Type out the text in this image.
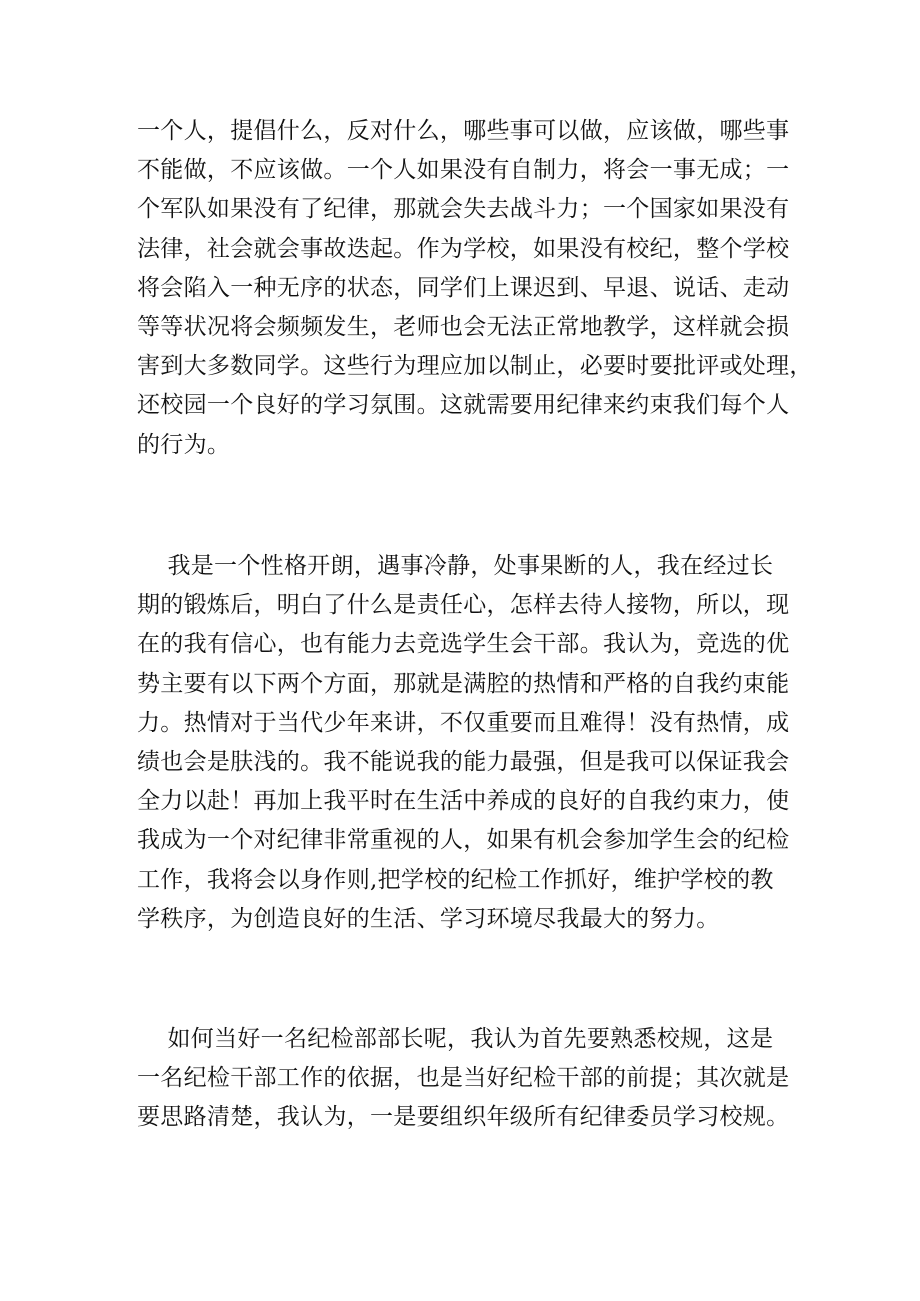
一个人，提倡什么，反对什么，哪些事可以做，应该做，哪些事
不能做，不应该做。一个人如果没有自制力，将会一事无成；一
个军队如果没有了纪律，那就会失去战斗力；一个国家如果没有
法律，社会就会事故迭起。作为学校，如果没有校纪，整个学校
将会陷入一种无序的状态，同学们上课迟到、早退、说话、走动
等等状况将会频频发生，老师也会无法正常地教学，这样就会损
害到大多数同学。这些行为理应加以制止，必要时要批评或处理，
还校园一个良好的学习氛围。这就需要用纪律来约束我们每个人
的行为。
我是一个性格开朗，遇事冷静，处事果断的人，我在经过长
期的锻炼后，明白了什么是责任心，怎样去待人接物，所以，现
在的我有信心，也有能力去竞选学生会干部。我认为，竞选的优
势主要有以下两个方面，那就是满腔的热情和严格的自我约束能
力。热情对于当代少年来讲，不仅重要而且难得！没有热情，成
绩也会是肤浅的。我不能说我的能力最强，但是我可以保证我会
全力以赴！再加上我平时在生活中养成的良好的自我约束力，使
我成为一个对纪律非常重视的人，如果有机会参加学生会的纪检
工作，我将会以身作则,把学校的纪检工作抓好，维护学校的教
学秩序，为创造良好的生活、学习环境尽我最大的努力。
如何当好一名纪检部部长呢，我认为首先要熟悉校规，这是
一名纪检干部工作的依据，也是当好纪检干部的前提；其次就是
要思路清楚，我认为，一是要组织年级所有纪律委员学习校规。
